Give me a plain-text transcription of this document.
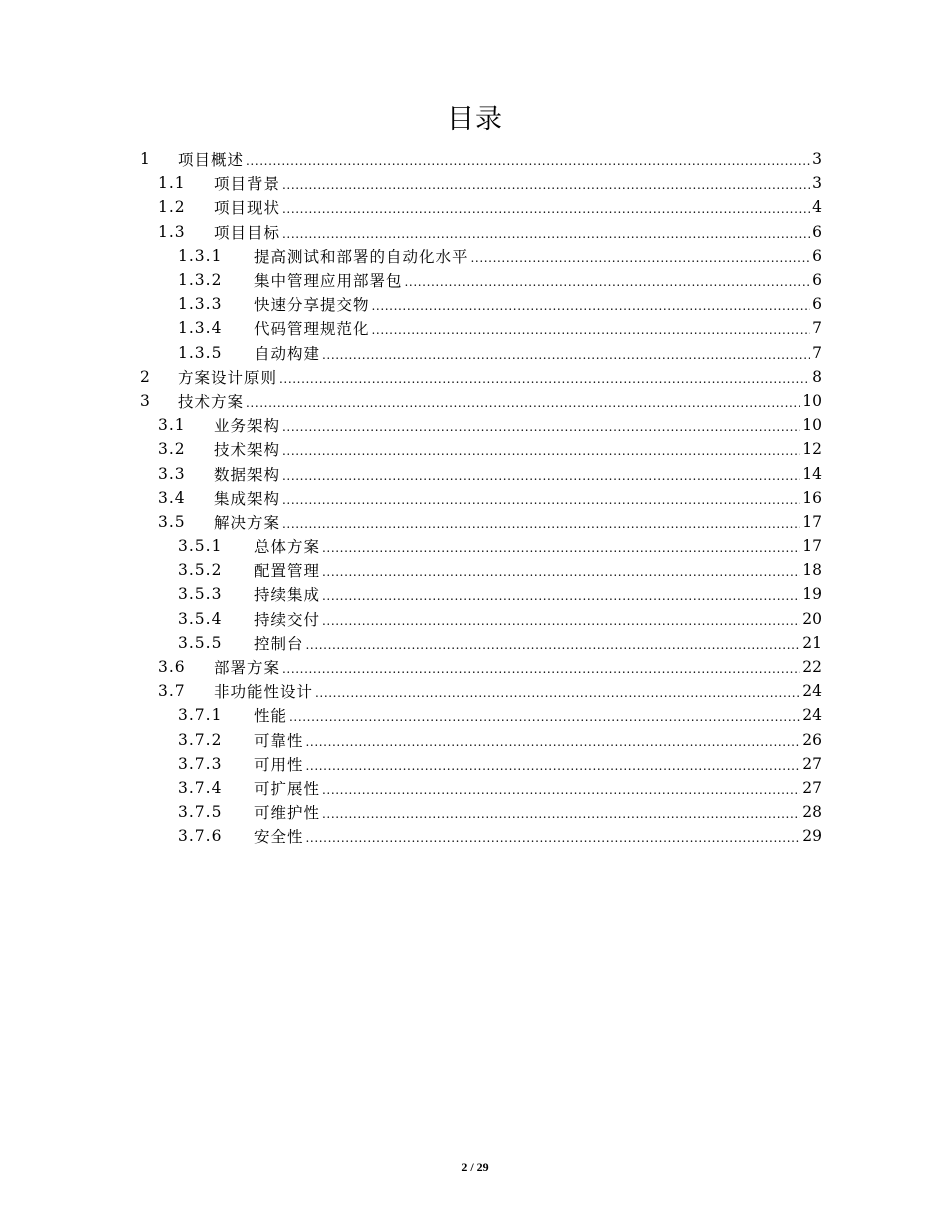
目录
1	项目概述 .....	3
1.1	项目背景 .....	3
1.2	项目现状 .....	4
1.3	项目目标 .....	6
1.3.1	提高测试和部署的自动化水平 .....	6
1.3.2	集中管理应用部署包 .....	6
1.3.3	快速分享提交物 .....	6
1.3.4	代码管理规范化 .....	7
1.3.5	自动构建 .....	7
2	方案设计原则 .....	8
3	技术方案 .....	10
3.1	业务架构 .....	10
3.2	技术架构 .....	12
3.3	数据架构 .....	14
3.4	集成架构 .....	16
3.5	解决方案 .....	17
3.5.1	总体方案 .....	17
3.5.2	配置管理 .....	18
3.5.3	持续集成 .....	19
3.5.4	持续交付 .....	20
3.5.5	控制台 .....	21
3.6	部署方案 .....	22
3.7	非功能性设计 .....	24
3.7.1	性能 .....	24
3.7.2	可靠性 .....	26
3.7.3	可用性 .....	27
3.7.4	可扩展性 .....	27
3.7.5	可维护性 .....	28
3.7.6	安全性 .....	29
2 / 29
